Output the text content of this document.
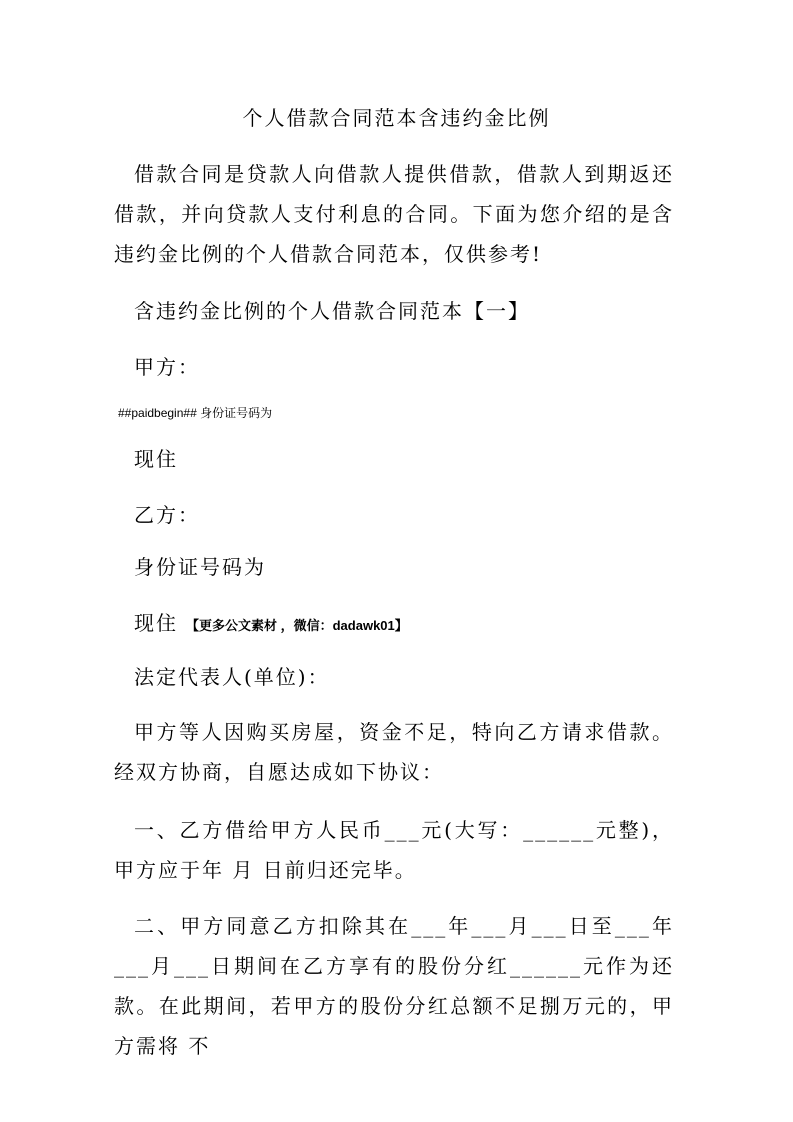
个人借款合同范本含违约金比例
借款合同是贷款人向借款人提供借款，借款人到期返还借款，并向贷款人支付利息的合同。下面为您介绍的是含违约金比例的个人借款合同范本，仅供参考!
含违约金比例的个人借款合同范本【一】
甲方：
##paidbegin## 身份证号码为
现住
乙方：
身份证号码为
现住 【更多公文素材 ，微信：dadawk01】
法定代表人(单位)：
甲方等人因购买房屋，资金不足，特向乙方请求借款。经双方协商，自愿达成如下协议：
一、乙方借给甲方人民币___元(大写：______元整)，甲方应于年 月 日前归还完毕。
二、甲方同意乙方扣除其在___年___月___日至___年___月___日期间在乙方享有的股份分红______元作为还款。在此期间，若甲方的股份分红总额不足捌万元的，甲方需将 不
